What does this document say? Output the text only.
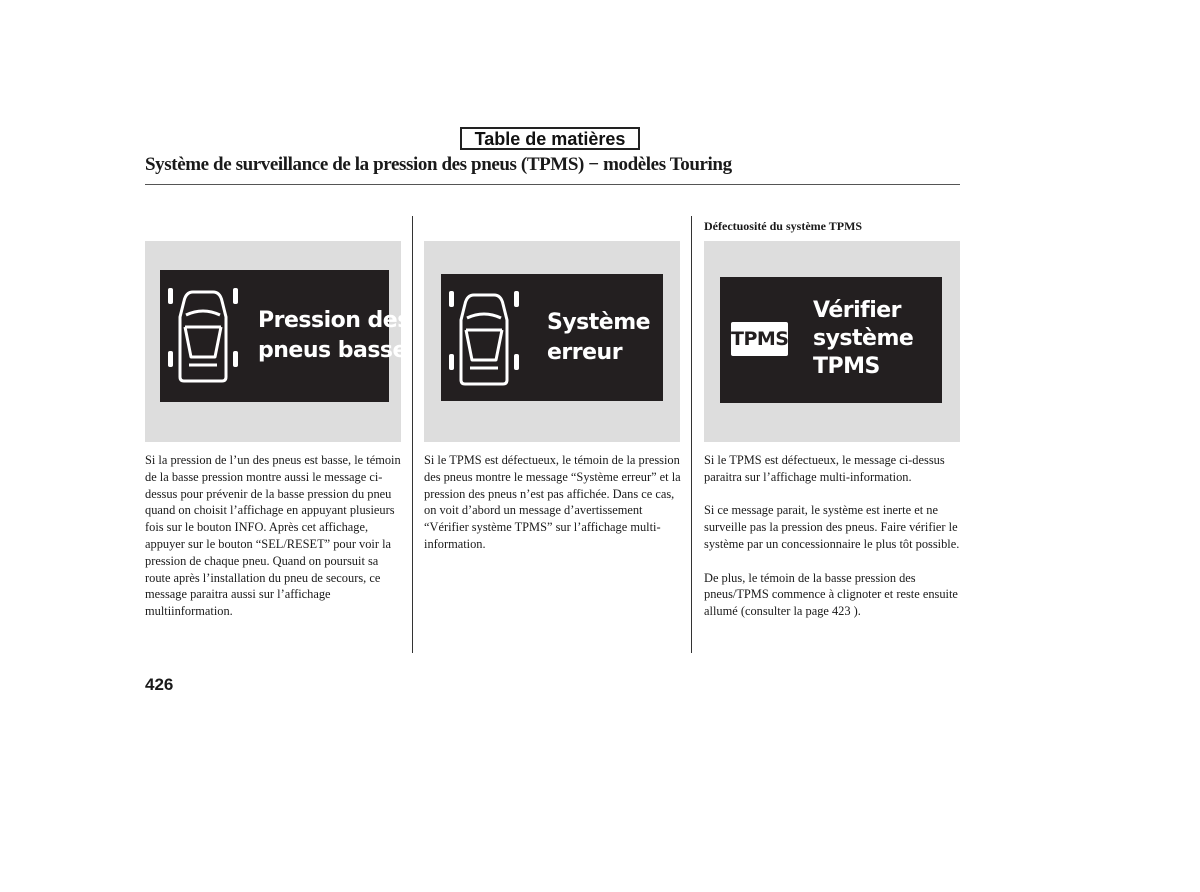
Table de matières
Système de surveillance de la pression des pneus (TPMS) − modèles Touring
Pression des
pneus basse

Si la pression de l’un des pneus est basse, le témoin de la basse pression montre aussi le message ci-dessus pour prévenir de la basse pression du pneu quand on choisit l’affichage en appuyant plusieurs fois sur le bouton INFO. Après cet affichage, appuyer sur le bouton “SEL/RESET” pour voir la pression de chaque pneu. Quand on poursuit sa route après l’installation du pneu de secours, ce message paraitra aussi sur l’affichage multiinformation.

Système
erreur

Si le TPMS est défectueux, le témoin de la pression des pneus montre le message “Système erreur” et la pression des pneus n’est pas affichée. Dans ce cas, on voit d’abord un message d’avertissement “Vérifier système TPMS” sur l’affichage multi-information.

Défectuosité du système TPMS
TPMS
Vérifier
système
TPMS

Si le TPMS est défectueux, le message ci-dessus paraitra sur l’affichage multi-information.

Si ce message parait, le système est inerte et ne surveille pas la pression des pneus. Faire vérifier le système par un concessionnaire le plus tôt possible.

De plus, le témoin de la basse pression des pneus/TPMS commence à clignoter et reste ensuite allumé (consulter la page 423 ).

426
